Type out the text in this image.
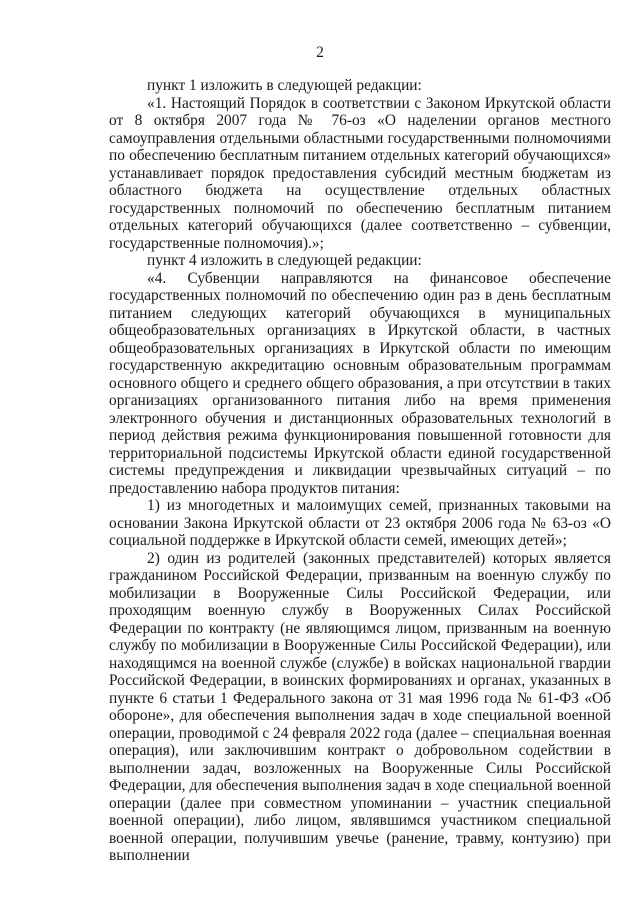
2

пункт 1 изложить в следующей редакции:

«1. Настоящий Порядок в соответствии с Законом Иркутской области от 8 октября 2007 года № 76-оз «О наделении органов местного самоуправления отдельными областными государственными полномочиями по обеспечению бесплатным питанием отдельных категорий обучающихся» устанавливает порядок предоставления субсидий местным бюджетам из областного бюджета на осуществление отдельных областных государственных полномочий по обеспечению бесплатным питанием отдельных категорий обучающихся (далее соответственно – субвенции, государственные полномочия).»;

пункт 4 изложить в следующей редакции:

«4. Субвенции направляются на финансовое обеспечение государственных полномочий по обеспечению один раз в день бесплатным питанием следующих категорий обучающихся в муниципальных общеобразовательных организациях в Иркутской области, в частных общеобразовательных организациях в Иркутской области по имеющим государственную аккредитацию основным образовательным программам основного общего и среднего общего образования, а при отсутствии в таких организациях организованного питания либо на время применения электронного обучения и дистанционных образовательных технологий в период действия режима функционирования повышенной готовности для территориальной подсистемы Иркутской области единой государственной системы предупреждения и ликвидации чрезвычайных ситуаций – по предоставлению набора продуктов питания:

1) из многодетных и малоимущих семей, признанных таковыми на основании Закона Иркутской области от 23 октября 2006 года № 63-оз «О социальной поддержке в Иркутской области семей, имеющих детей»;

2) один из родителей (законных представителей) которых является гражданином Российской Федерации, призванным на военную службу по мобилизации в Вооруженные Силы Российской Федерации, или проходящим военную службу в Вооруженных Силах Российской Федерации по контракту (не являющимся лицом, призванным на военную службу по мобилизации в Вооруженные Силы Российской Федерации), или находящимся на военной службе (службе) в войсках национальной гвардии Российской Федерации, в воинских формированиях и органах, указанных в пункте 6 статьи 1 Федерального закона от 31 мая 1996 года № 61-ФЗ «Об обороне», для обеспечения выполнения задач в ходе специальной военной операции, проводимой с 24 февраля 2022 года (далее – специальная военная операция), или заключившим контракт о добровольном содействии в выполнении задач, возложенных на Вооруженные Силы Российской Федерации, для обеспечения выполнения задач в ходе специальной военной операции (далее при совместном упоминании – участник специальной военной операции), либо лицом, являвшимся участником специальной военной операции, получившим увечье (ранение, травму, контузию) при выполнении
